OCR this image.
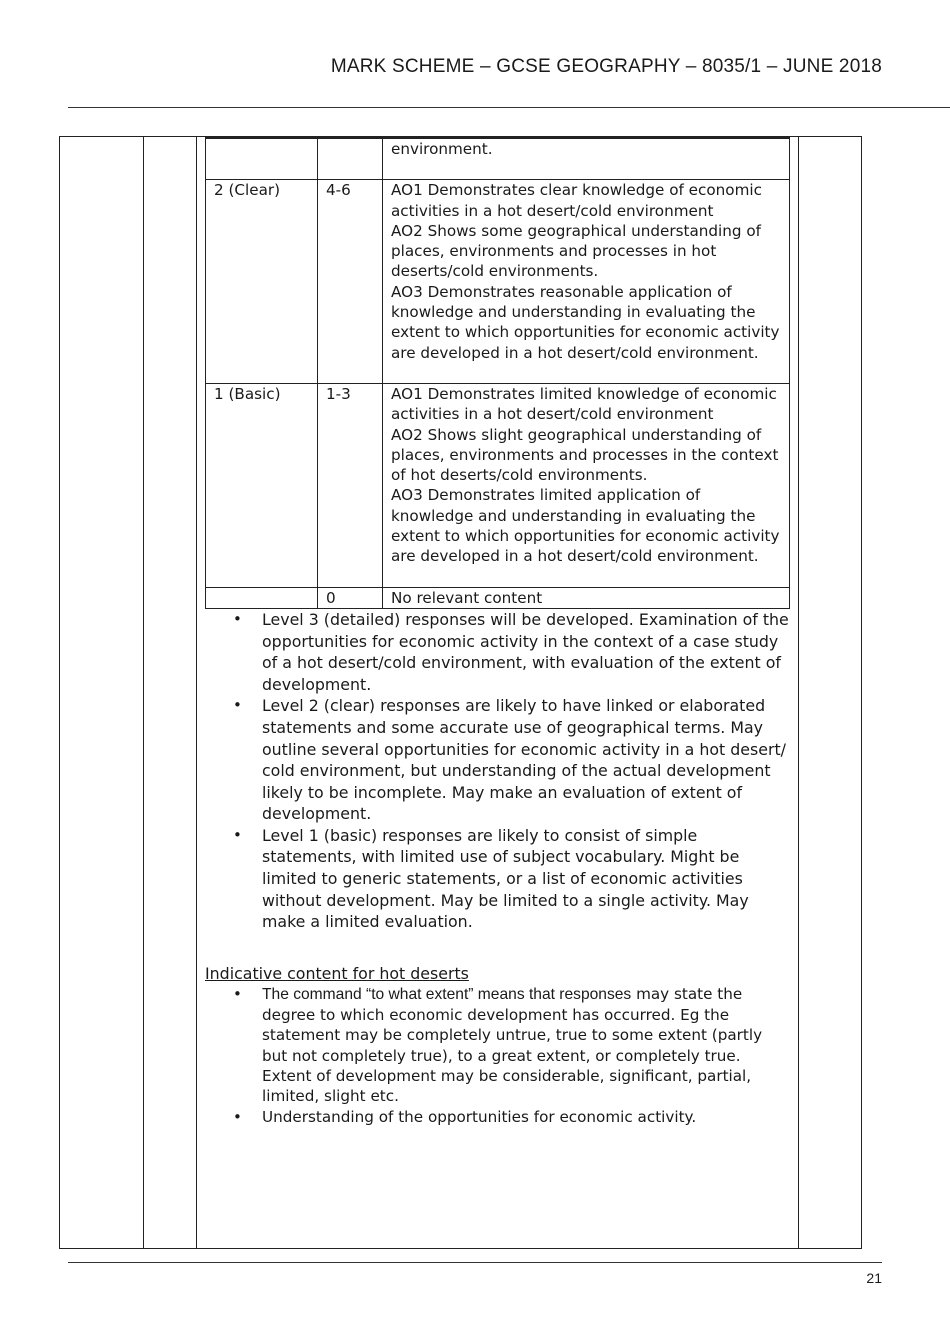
MARK SCHEME – GCSE GEOGRAPHY – 8035/1 – JUNE 2018

		environment.

2 (Clear)	4-6	AO1 Demonstrates clear knowledge of economic activities in a hot desert/cold environment
AO2 Shows some geographical understanding of places, environments and processes in hot deserts/cold environments.
AO3 Demonstrates reasonable application of knowledge and understanding in evaluating the extent to which opportunities for economic activity are developed in a hot desert/cold environment.

1 (Basic)	1-3	AO1 Demonstrates limited knowledge of economic activities in a hot desert/cold environment
AO2 Shows slight geographical understanding of places, environments and processes in the context of hot deserts/cold environments.
AO3 Demonstrates limited application of knowledge and understanding in evaluating the extent to which opportunities for economic activity are developed in a hot desert/cold environment.

	0	No relevant content
• Level 3 (detailed) responses will be developed. Examination of the opportunities for economic activity in the context of a case study of a hot desert/cold environment, with evaluation of the extent of development.
• Level 2 (clear) responses are likely to have linked or elaborated statements and some accurate use of geographical terms. May outline several opportunities for economic activity in a hot desert/ cold environment, but understanding of the actual development likely to be incomplete. May make an evaluation of extent of development.
• Level 1 (basic) responses are likely to consist of simple statements, with limited use of subject vocabulary. Might be limited to generic statements, or a list of economic activities without development. May be limited to a single activity. May make a limited evaluation.
Indicative content for hot deserts
• The command “to what extent” means that responses may state the degree to which economic development has occurred. Eg the statement may be completely untrue, true to some extent (partly but not completely true), to a great extent, or completely true.
Extent of development may be considerable, significant, partial, limited, slight etc.
• Understanding of the opportunities for economic activity.
21
